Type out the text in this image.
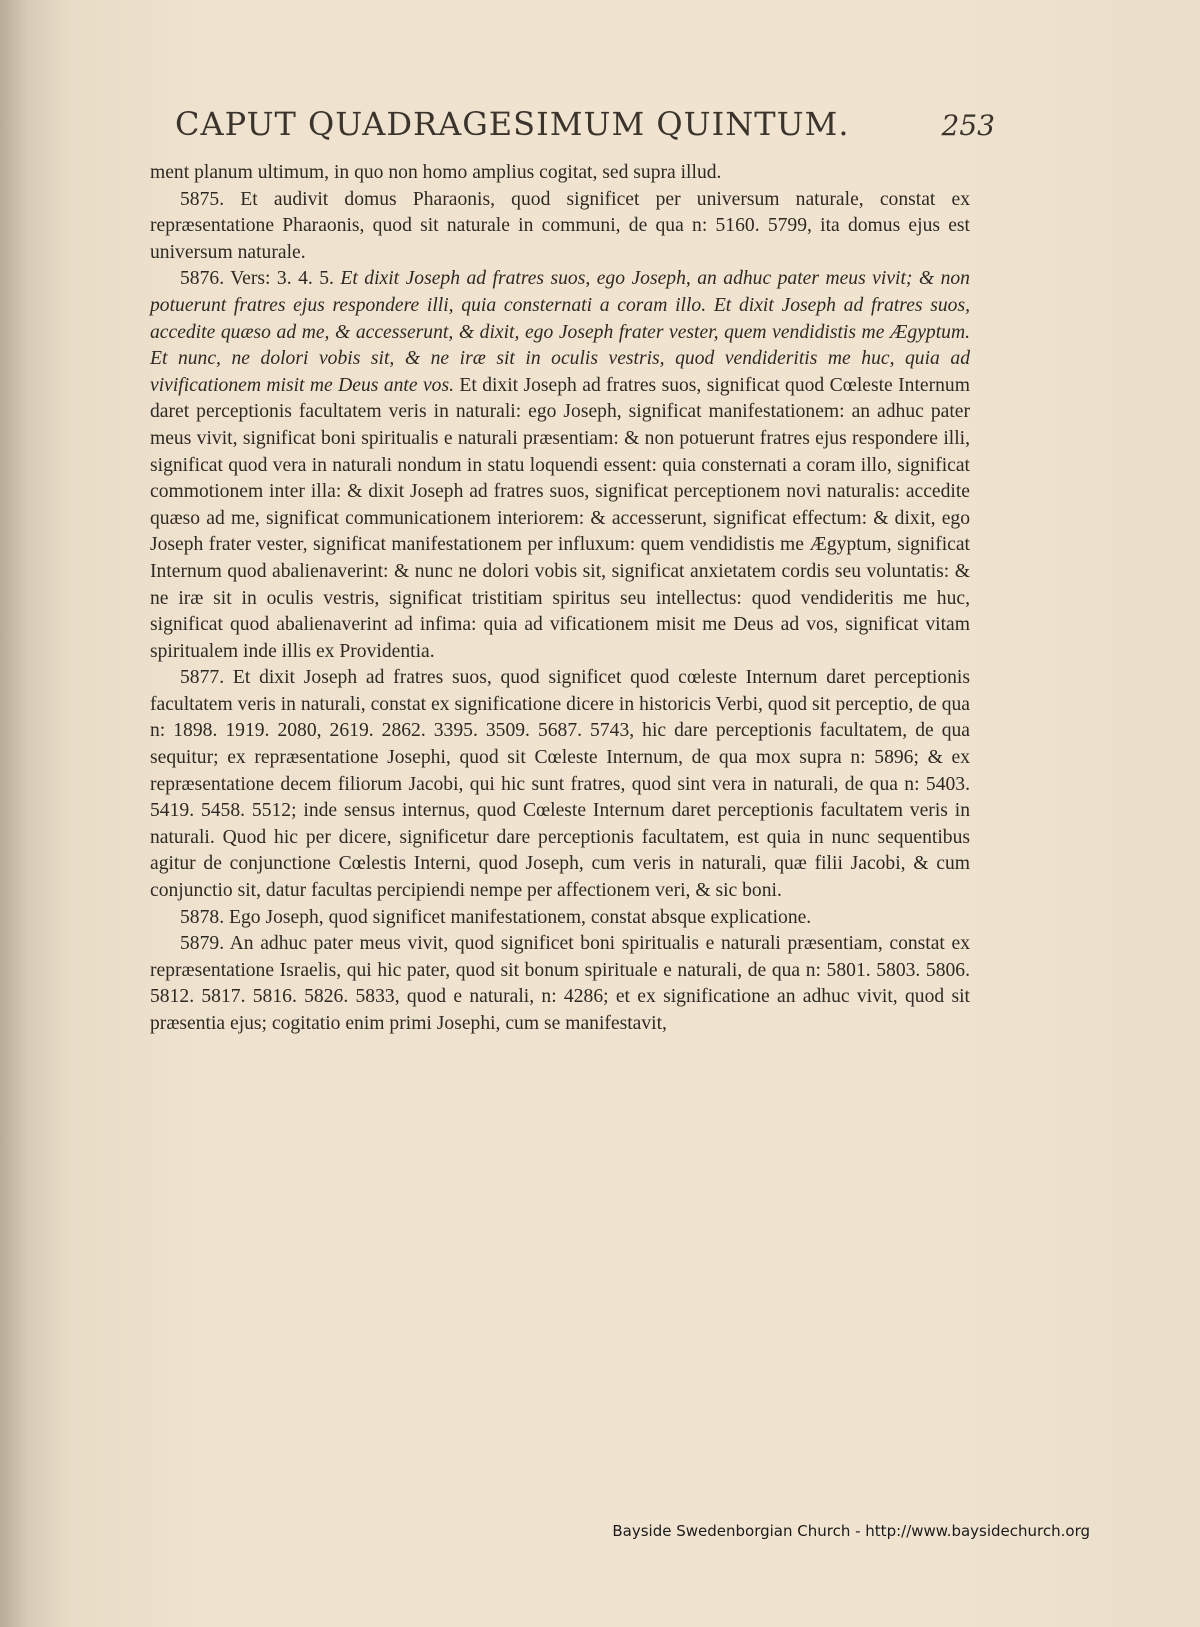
CAPUT QUADRAGESIMUM QUINTUM.	253

ment planum ultimum, in quo non homo amplius cogitat, sed supra illud.

5875. Et audivit domus Pharaonis, quod significet per universum naturale, constat ex repræsentatione Pharaonis, quod sit naturale in communi, de qua n: 5160. 5799, ita domus ejus est universum naturale.

5876. Vers: 3. 4. 5. Et dixit Joseph ad fratres suos, ego Joseph, an adhuc pater meus vivit; & non potuerunt fratres ejus respondere illi, quia consternati a coram illo. Et dixit Joseph ad fratres suos, accedite quæso ad me, & accesserunt, & dixit, ego Joseph frater vester, quem vendidistis me Ægyptum. Et nunc, ne dolori vobis sit, & ne iræ sit in oculis vestris, quod vendideritis me huc, quia ad vivificationem misit me Deus ante vos. Et dixit Joseph ad fratres suos, significat quod Cœleste Internum daret perceptionis facultatem veris in naturali: ego Joseph, significat manifestationem: an adhuc pater meus vivit, significat boni spiritualis e naturali præsentiam: & non potuerunt fratres ejus respondere illi, significat quod vera in naturali nondum in statu loquendi essent: quia consternati a coram illo, significat commotionem inter illa: & dixit Joseph ad fratres suos, significat perceptionem novi naturalis: accedite quæso ad me, significat communicationem interiorem: & accesserunt, significat effectum: & dixit, ego Joseph frater vester, significat manifestationem per influxum: quem vendidistis me Ægyptum, significat Internum quod abalienaverint: & nunc ne dolori vobis sit, significat anxietatem cordis seu voluntatis: & ne iræ sit in oculis vestris, significat tristitiam spiritus seu intellectus: quod vendideritis me huc, significat quod abalienaverint ad infima: quia ad vificationem misit me Deus ad vos, significat vitam spiritualem inde illis ex Providentia.

5877. Et dixit Joseph ad fratres suos, quod significet quod cœleste Internum daret perceptionis facultatem veris in naturali, constat ex significatione dicere in historicis Verbi, quod sit perceptio, de qua n: 1898. 1919. 2080, 2619. 2862. 3395. 3509. 5687. 5743, hic dare perceptionis facultatem, de qua sequitur; ex repræsentatione Josephi, quod sit Cœleste Internum, de qua mox supra n: 5896; & ex repræsentatione decem filiorum Jacobi, qui hic sunt fratres, quod sint vera in naturali, de qua n: 5403. 5419. 5458. 5512; inde sensus internus, quod Cœleste Internum daret perceptionis facultatem veris in naturali. Quod hic per dicere, significetur dare perceptionis facultatem, est quia in nunc sequentibus agitur de conjunctione Cœlestis Interni, quod Joseph, cum veris in naturali, quæ filii Jacobi, & cum conjunctio sit, datur facultas percipiendi nempe per affectionem veri, & sic boni.

5878. Ego Joseph, quod significet manifestationem, constat absque explicatione.

5879. An adhuc pater meus vivit, quod significet boni spiritualis e naturali præsentiam, constat ex repræsentatione Israelis, qui hic pater, quod sit bonum spirituale e naturali, de qua n: 5801. 5803. 5806. 5812. 5817. 5816. 5826. 5833, quod e naturali, n: 4286; et ex significatione an adhuc vivit, quod sit præsentia ejus; cogitatio enim primi Josephi, cum se manifestavit,

Bayside Swedenborgian Church - http://www.baysidechurch.org
